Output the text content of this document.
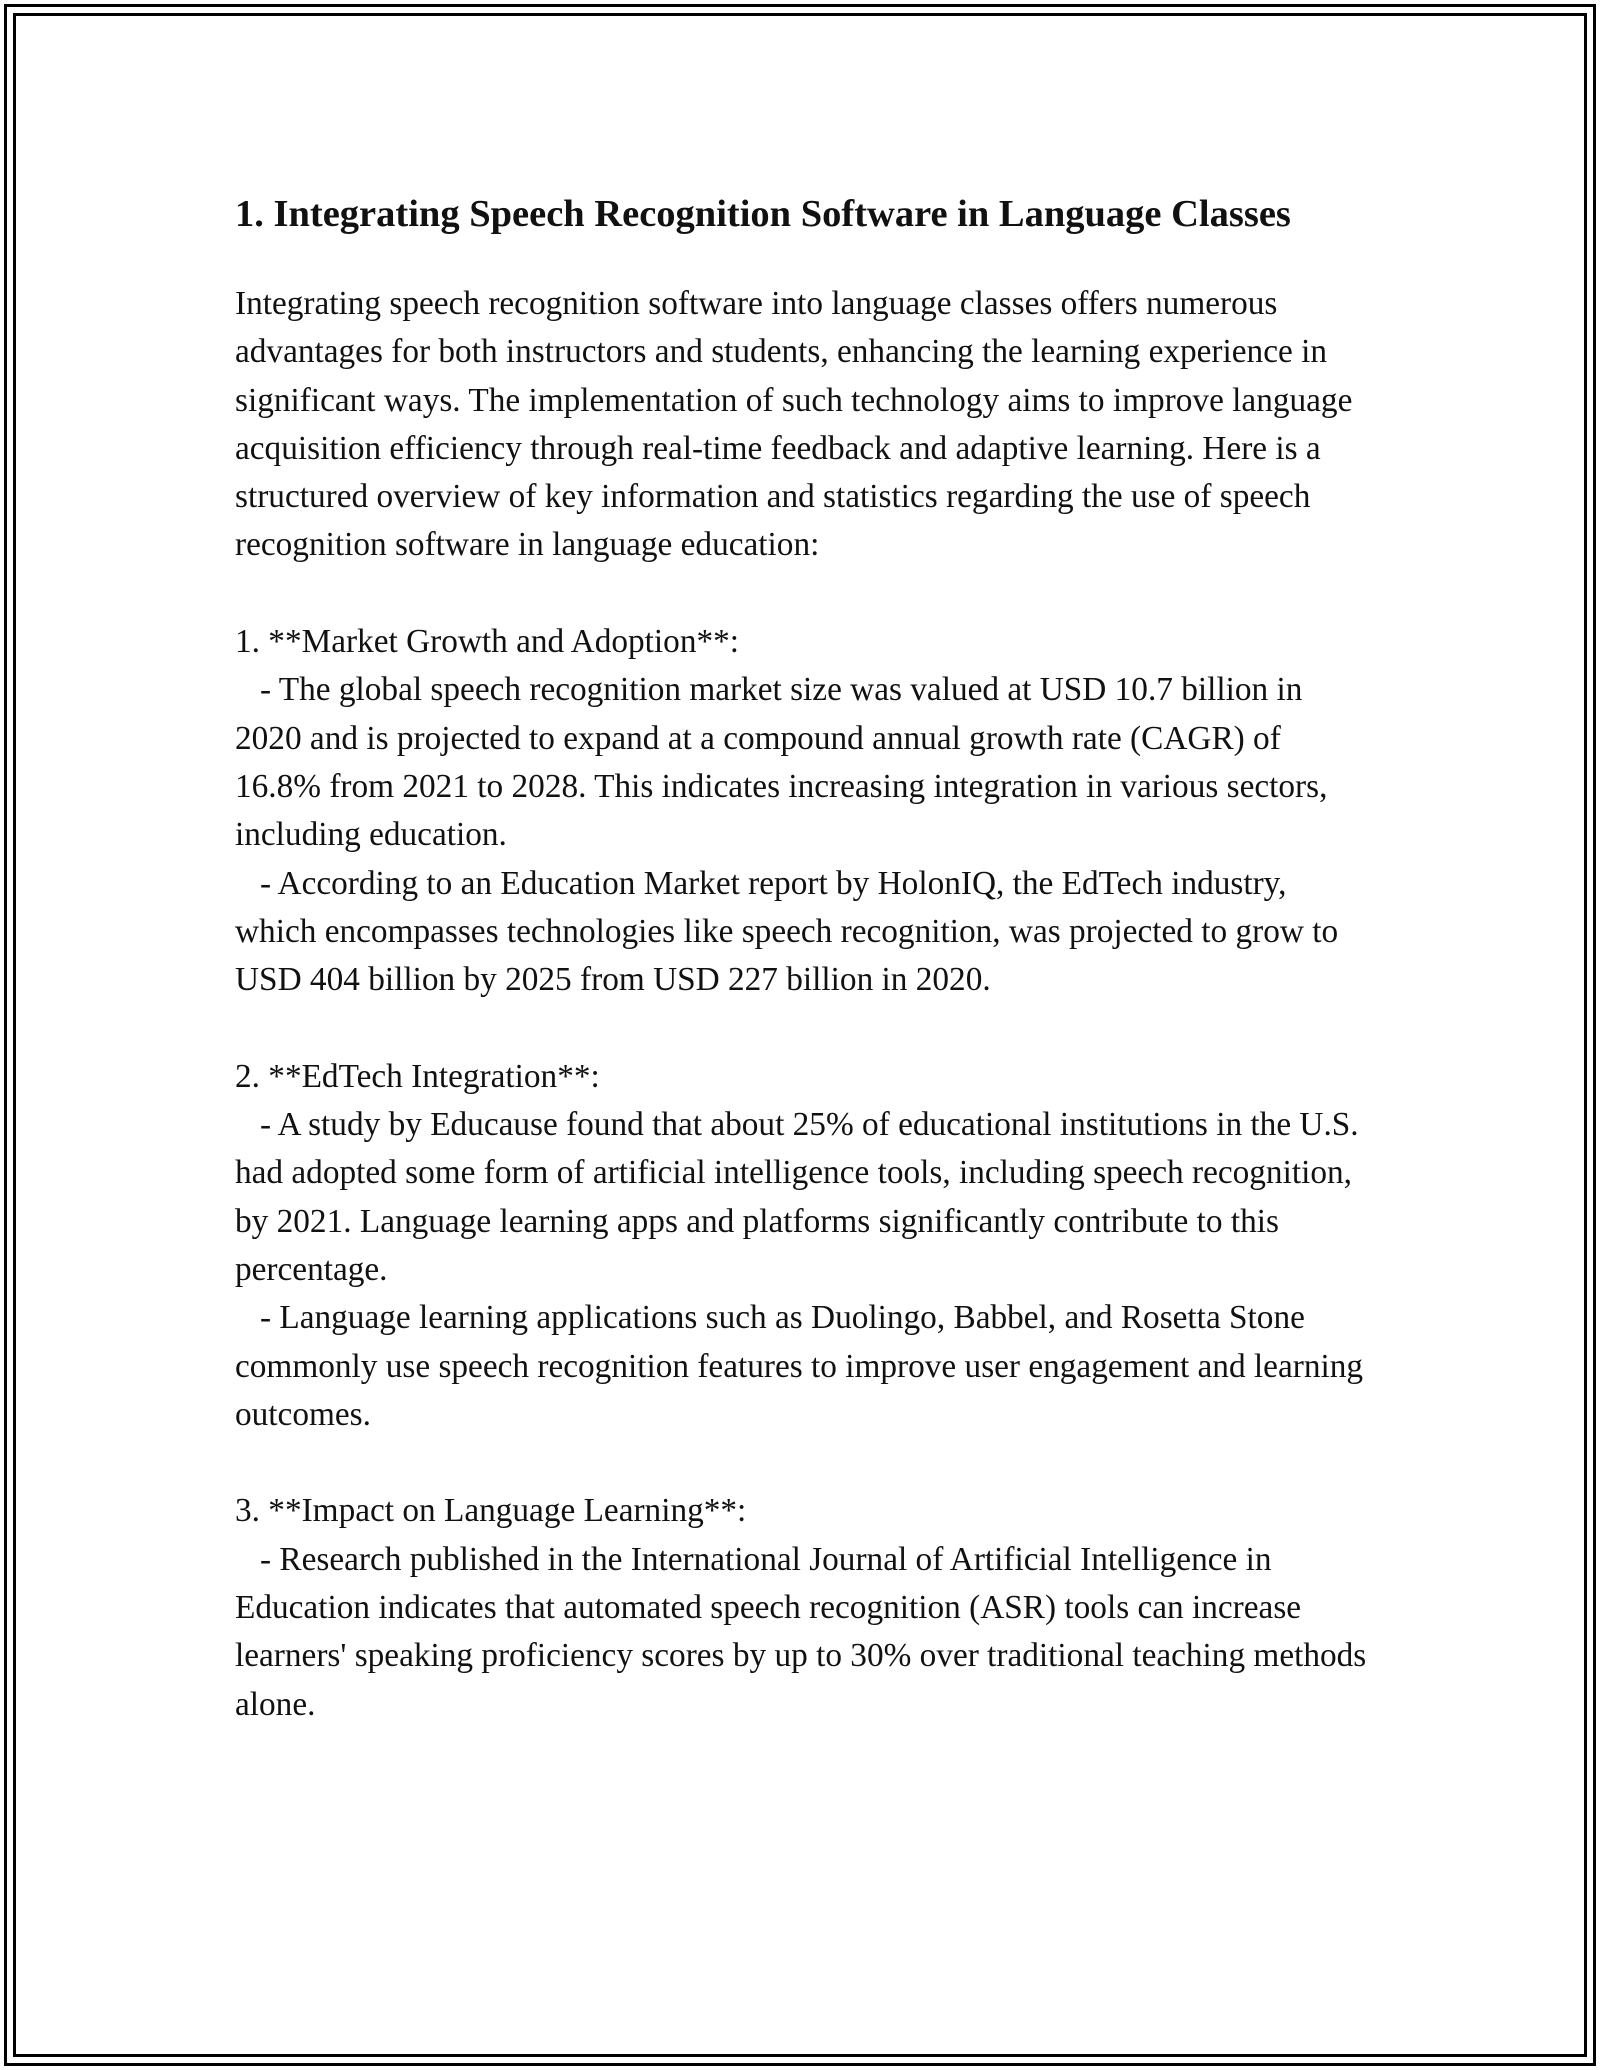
1. Integrating Speech Recognition Software in Language Classes

Integrating speech recognition software into language classes offers numerous advantages for both instructors and students, enhancing the learning experience in significant ways. The implementation of such technology aims to improve language acquisition efficiency through real-time feedback and adaptive learning. Here is a structured overview of key information and statistics regarding the use of speech recognition software in language education:

1. **Market Growth and Adoption**:

- The global speech recognition market size was valued at USD 10.7 billion in 2020 and is projected to expand at a compound annual growth rate (CAGR) of 16.8% from 2021 to 2028. This indicates increasing integration in various sectors, including education.

- According to an Education Market report by HolonIQ, the EdTech industry, which encompasses technologies like speech recognition, was projected to grow to USD 404 billion by 2025 from USD 227 billion in 2020.

2. **EdTech Integration**:

- A study by Educause found that about 25% of educational institutions in the U.S. had adopted some form of artificial intelligence tools, including speech recognition, by 2021. Language learning apps and platforms significantly contribute to this percentage.

- Language learning applications such as Duolingo, Babbel, and Rosetta Stone commonly use speech recognition features to improve user engagement and learning outcomes.

3. **Impact on Language Learning**:

- Research published in the International Journal of Artificial Intelligence in Education indicates that automated speech recognition (ASR) tools can increase learners' speaking proficiency scores by up to 30% over traditional teaching methods alone.
